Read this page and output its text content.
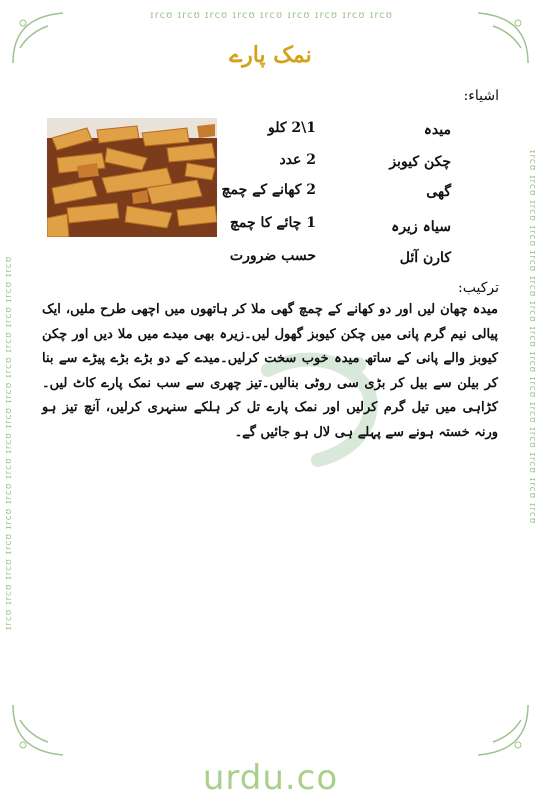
ɪrcʊ ɪrcʊ ɪrcʊ ɪrcʊ ɪrcʊ ɪrcʊ ɪrcʊ ɪrcʊ ɪrcʊ
ɪrcʊ ɪrcʊ ɪrcʊ ɪrcʊ ɪrcʊ ɪrcʊ ɪrcʊ ɪrcʊ ɪrcʊ ɪrcʊ ɪrcʊ ɪrcʊ ɪrcʊ ɪrcʊ ɪrcʊ	ɪrcʊ ɪrcʊ ɪrcʊ ɪrcʊ ɪrcʊ ɪrcʊ ɪrcʊ ɪrcʊ ɪrcʊ ɪrcʊ ɪrcʊ ɪrcʊ ɪrcʊ ɪrcʊ ɪrcʊ
نمک پارے
اشیاء:
میدہ
1\2 کلو
چکن کیوبز
2 عدد
گھی
2 کھانے کے چمچ
سیاہ زیرہ
1 چائے کا چمچ
کارن آئل
حسب ضرورت
ترکیب:
میدہ چھان لیں اور دو کھانے کے چمچ گھی ملا کر ہاتھوں میں اچھی طرح ملیں، ایک پیالی نیم گرم پانی میں چکن کیوبز گھول لیں۔زیرہ بھی میدے میں ملا دیں اور چکن کیوبز والے پانی کے ساتھ میدہ خوب سخت کرلیں۔میدے کے دو بڑے بڑے پیڑے سے بنا کر بیلن سے بیل کر بڑی سی روٹی بنالیں۔تیز چھری سے سب نمک پارے کاٹ لیں۔کڑاہی میں تیل گرم کرلیں اور نمک پارے تل کر ہلکے سنہری کرلیں، آنچ تیز ہو ورنہ خستہ ہونے سے پہلے ہی لال ہو جائیں گے۔
urdu.co
